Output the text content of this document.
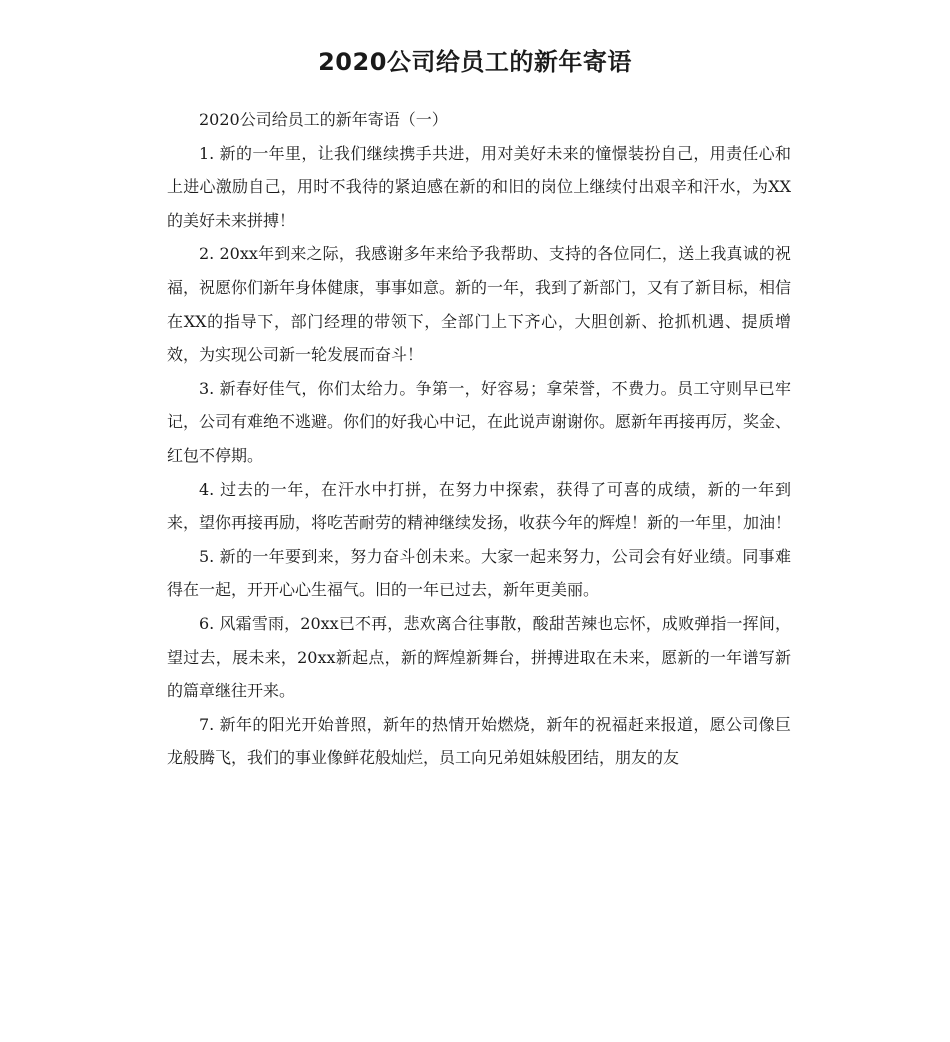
2020公司给员工的新年寄语

2020公司给员工的新年寄语（一）

1. 新的一年里，让我们继续携手共进，用对美好未来的憧憬装扮自己，用责任心和上进心激励自己，用时不我待的紧迫感在新的和旧的岗位上继续付出艰辛和汗水，为XX的美好未来拼搏！

2. 20xx年到来之际，我感谢多年来给予我帮助、支持的各位同仁，送上我真诚的祝福，祝愿你们新年身体健康，事事如意。新的一年，我到了新部门，又有了新目标，相信在XX的指导下，部门经理的带领下，全部门上下齐心，大胆创新、抢抓机遇、提质增效，为实现公司新一轮发展而奋斗！

3. 新春好佳气，你们太给力。争第一，好容易；拿荣誉，不费力。员工守则早已牢记，公司有难绝不逃避。你们的好我心中记，在此说声谢谢你。愿新年再接再厉，奖金、红包不停期。

4. 过去的一年，在汗水中打拼，在努力中探索，获得了可喜的成绩，新的一年到来，望你再接再励，将吃苦耐劳的精神继续发扬，收获今年的辉煌！新的一年里，加油！

5. 新的一年要到来，努力奋斗创未来。大家一起来努力，公司会有好业绩。同事难得在一起，开开心心生福气。旧的一年已过去，新年更美丽。

6. 风霜雪雨，20xx已不再，悲欢离合往事散，酸甜苦辣也忘怀，成败弹指一挥间，望过去，展未来，20xx新起点，新的辉煌新舞台，拼搏进取在未来，愿新的一年谱写新的篇章继往开来。

7. 新年的阳光开始普照，新年的热情开始燃烧，新年的祝福赶来报道，愿公司像巨龙般腾飞，我们的事业像鲜花般灿烂，员工向兄弟姐妹般团结，朋友的友
